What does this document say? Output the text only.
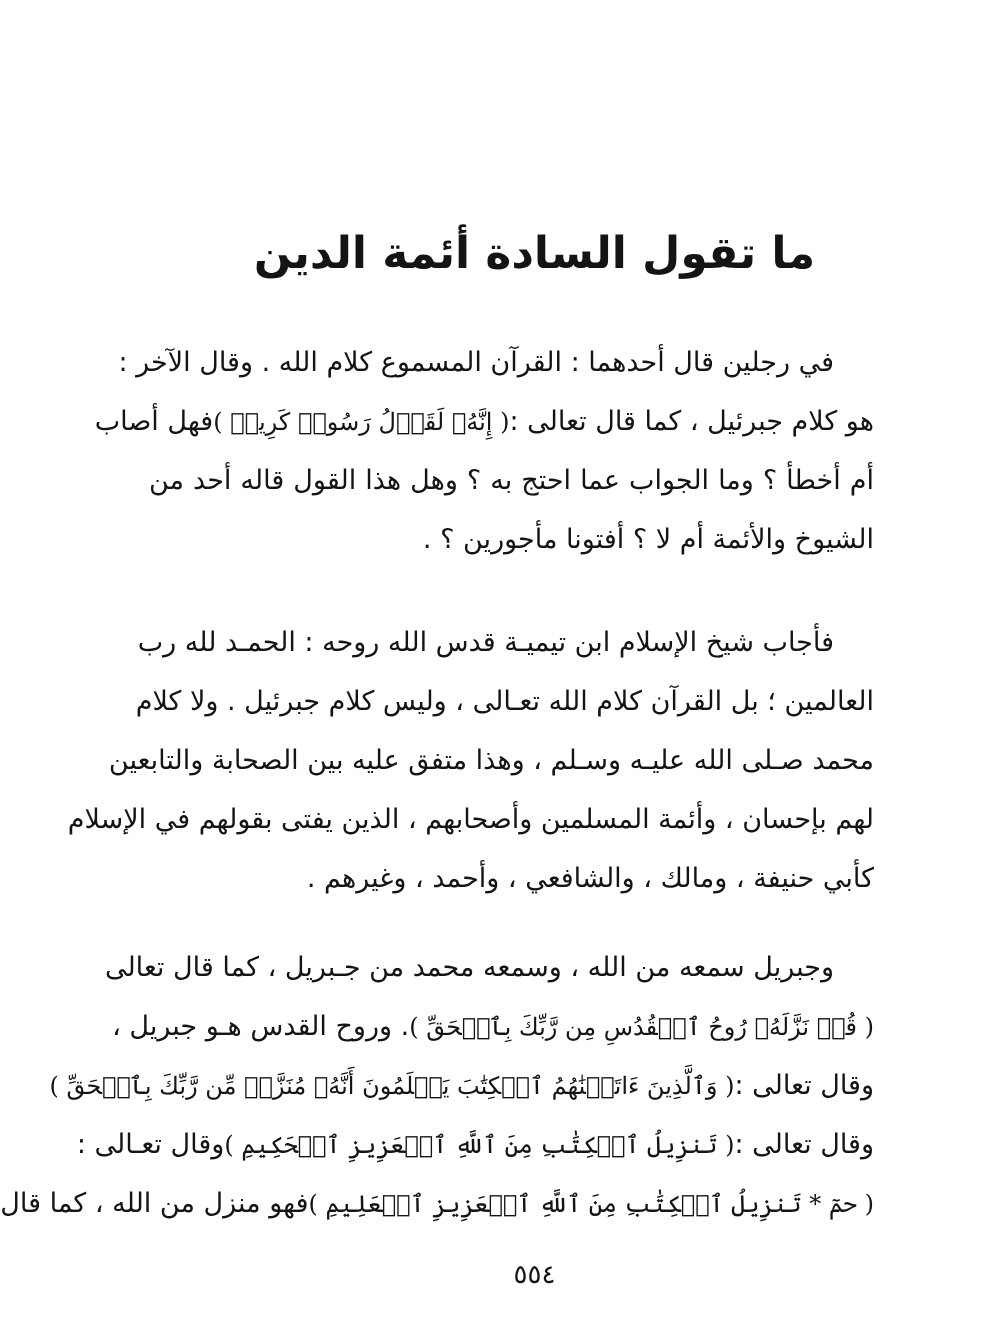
ما تقول السادة أئمة الدين
في رجلين قال أحدهما : القرآن المسموع كلام الله . وقال الآخر :
هو كلام جبرئيل ، كما قال تعالى :
( إِنَّهُۥ لَقَوۡلُ رَسُولٖ كَرِيمٖ )
فهل أصاب
أم أخطأ ؟ وما الجواب عما احتج به ؟ وهل هذا القول قاله أحد من
الشيوخ والأئمة أم لا ؟ أفتونا مأجورين ؟ .
فأجاب شيخ الإسلام ابن تيميـة قدس الله روحه : الحمـد لله رب
العالمين ؛ بل القرآن كلام الله تعـالى ، وليس كلام جبرئيل . ولا كلام
محمد صـلى الله عليـه وسـلم ، وهذا متفق عليه بين الصحابة والتابعين
لهم بإحسان ، وأئمة المسلمين وأصحابهم ، الذين يفتى بقولهم في الإسلام
كأبي حنيفة ، ومالك ، والشافعي ، وأحمد ، وغيرهم .
وجبريل سمعه من الله ، وسمعه محمد من جـبريل ، كما قال تعالى
( قُلۡ نَزَّلَهُۥ رُوحُ ٱلۡقُدُسِ مِن رَّبِّكَ بِٱلۡحَقِّ )
. وروح القدس هـو جبريل ،
وقال تعالى :
( وَٱلَّذِينَ ءَاتَيۡنَٰهُمُ ٱلۡكِتَٰبَ يَعۡلَمُونَ أَنَّهُۥ مُنَزَّلٞ مِّن رَّبِّكَ بِٱلۡحَقِّ )
وقال تعالى :
( تَنزِيلُ ٱلۡكِتَٰبِ مِنَ ٱللَّهِ ٱلۡعَزِيزِ ٱلۡحَكِيمِ )
وقال تعـالى :
( حمٓ * تَنزِيلُ ٱلۡكِتَٰبِ مِنَ ٱللَّهِ ٱلۡعَزِيزِ ٱلۡعَلِيمِ )
فهو منزل من الله ، كما قال
٥٥٤
